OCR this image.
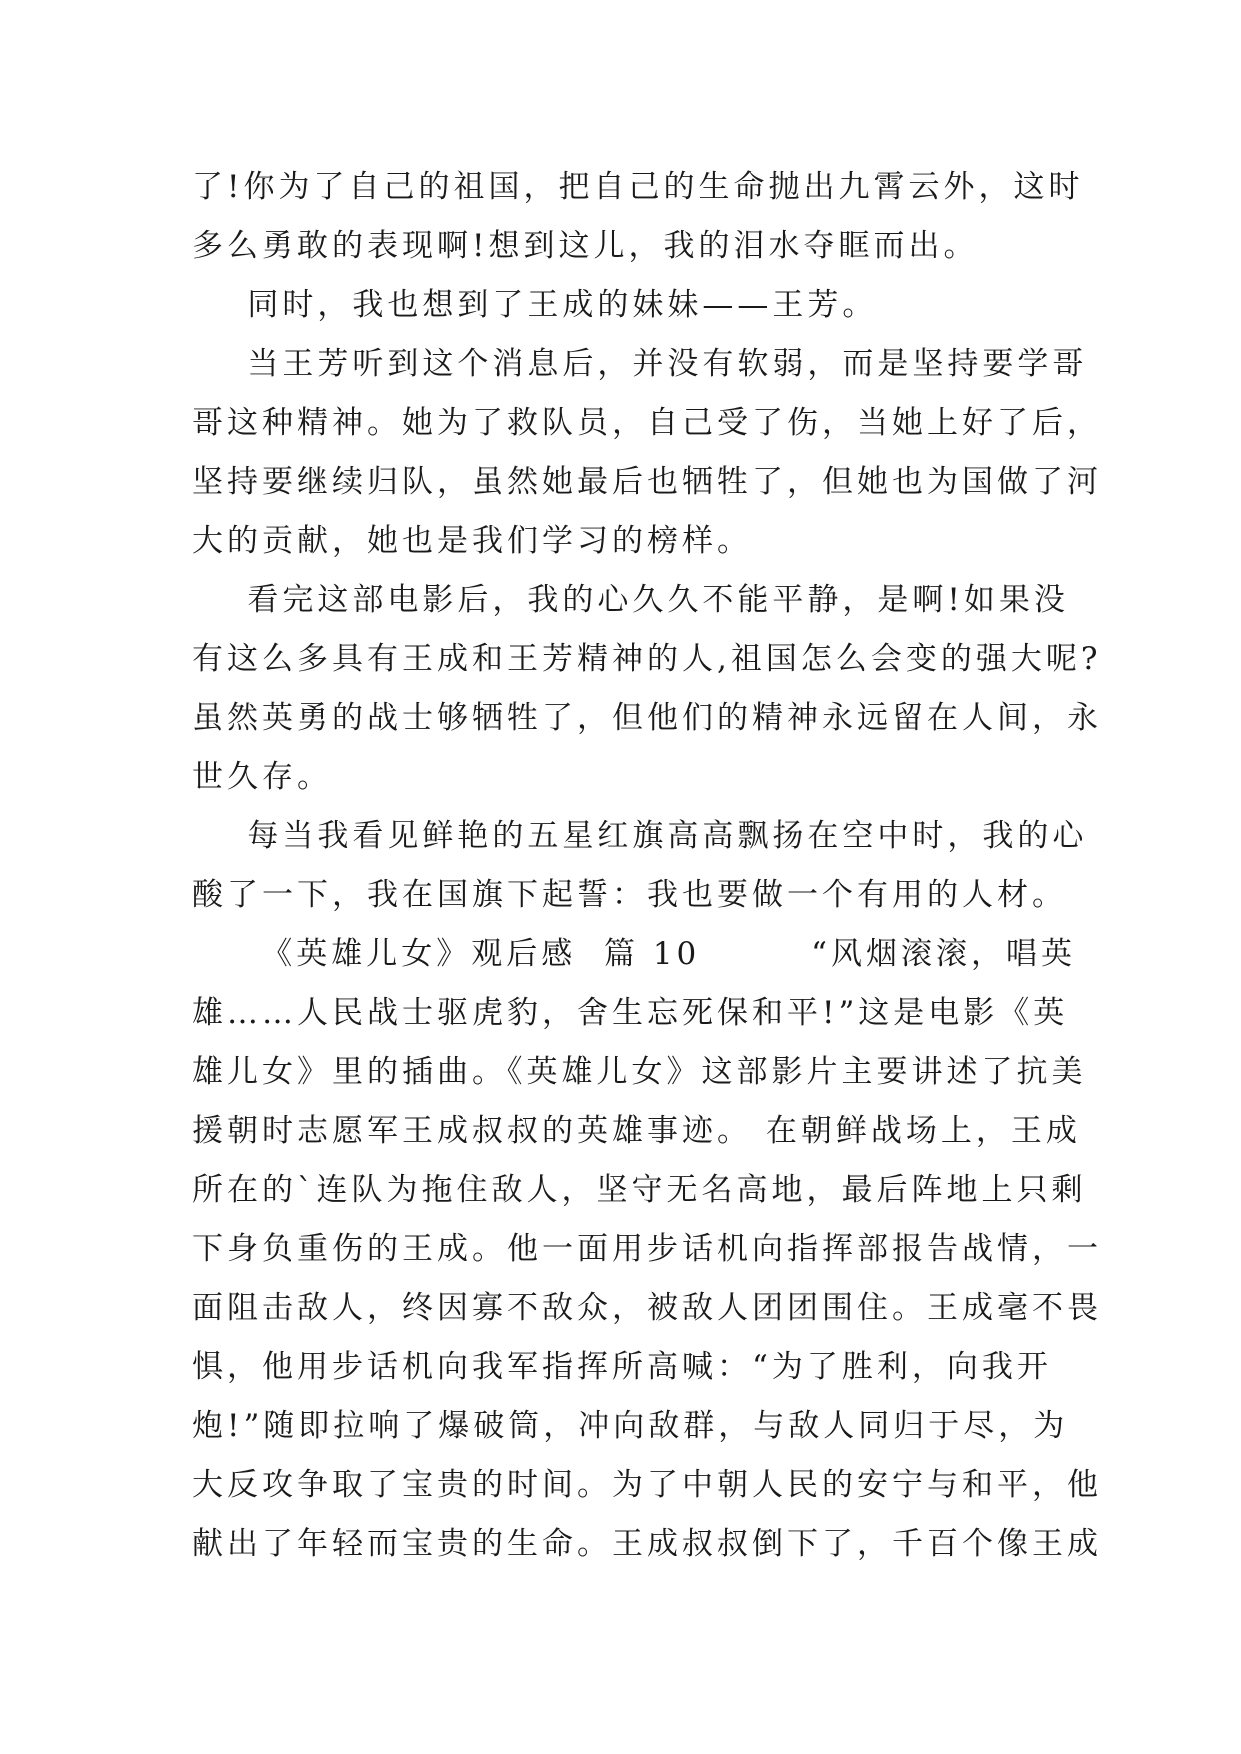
了!你为了自己的祖国，把自己的生命抛出九霄云外，这时
多么勇敢的表现啊!想到这儿，我的泪水夺眶而出。
同时，我也想到了王成的妹妹——王芳。
当王芳听到这个消息后，并没有软弱，而是坚持要学哥
哥这种精神。她为了救队员，自己受了伤，当她上好了后，
坚持要继续归队，虽然她最后也牺牲了，但她也为国做了河
大的贡献，她也是我们学习的榜样。
看完这部电影后，我的心久久不能平静，是啊!如果没
有这么多具有王成和王芳精神的人,祖国怎么会变的强大呢?
虽然英勇的战士够牺牲了，但他们的精神永远留在人间，永
世久存。
每当我看见鲜艳的五星红旗高高飘扬在空中时，我的心
酸了一下，我在国旗下起誓：我也要做一个有用的人材。
《英雄儿女》观后感  篇 10        “风烟滚滚，唱英
雄……人民战士驱虎豹，舍生忘死保和平!”这是电影《英
雄儿女》里的插曲。《英雄儿女》这部影片主要讲述了抗美
援朝时志愿军王成叔叔的英雄事迹。 在朝鲜战场上，王成
所在的`连队为拖住敌人，坚守无名高地，最后阵地上只剩
下身负重伤的王成。他一面用步话机向指挥部报告战情，一
面阻击敌人，终因寡不敌众，被敌人团团围住。王成毫不畏
惧，他用步话机向我军指挥所高喊：“为了胜利，向我开
炮!”随即拉响了爆破筒，冲向敌群，与敌人同归于尽，为
大反攻争取了宝贵的时间。为了中朝人民的安宁与和平，他
献出了年轻而宝贵的生命。王成叔叔倒下了，千百个像王成
